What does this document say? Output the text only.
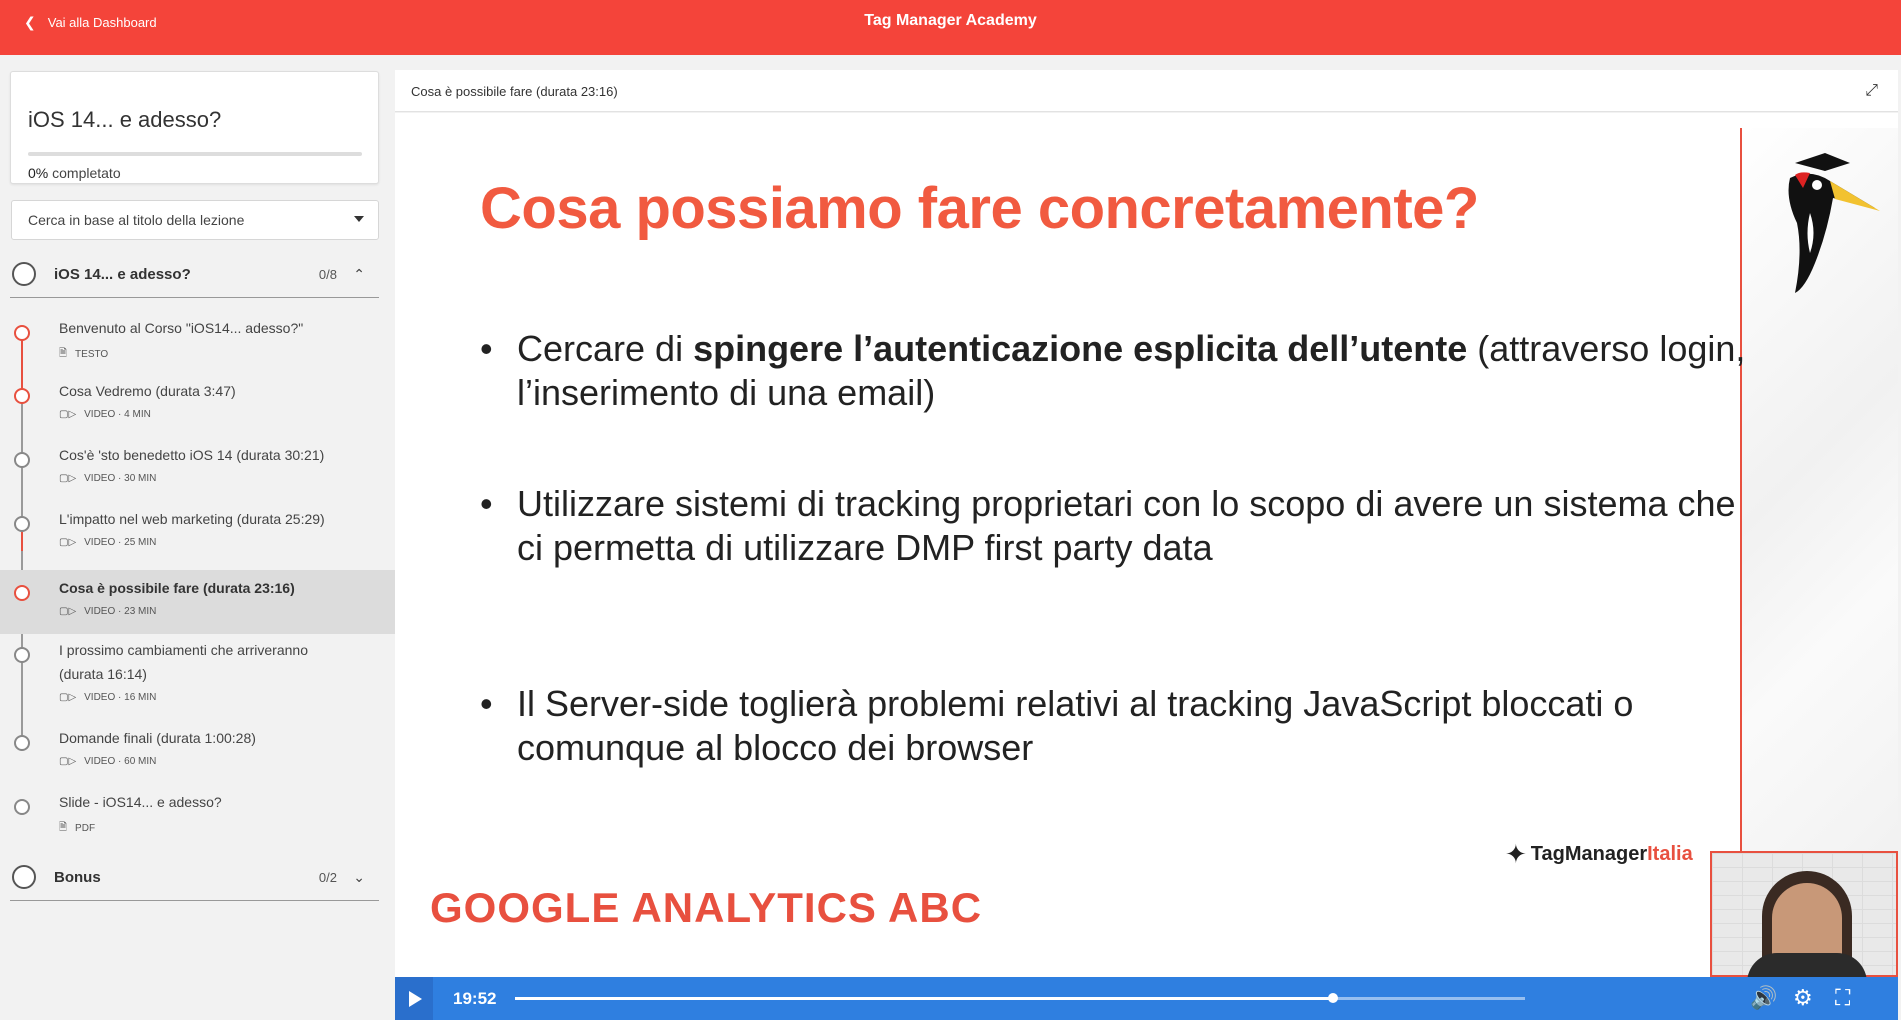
❮ Vai alla Dashboard	Tag Manager Academy
iOS 14... e adesso?
0% completato
Cerca in base al titolo della lezione
iOS 14... e adesso?	0/8 ⌃
Benvenuto al Corso "iOS14... adesso?"
🗎 TESTO
Cosa Vedremo (durata 3:47)
▢▷ VIDEO · 4 MIN
Cos'è 'sto benedetto iOS 14 (durata 30:21)
▢▷ VIDEO · 30 MIN
L'impatto nel web marketing (durata 25:29)
▢▷ VIDEO · 25 MIN
Cosa è possibile fare (durata 23:16)
▢▷ VIDEO · 23 MIN
I prossimo cambiamenti che arriveranno (durata 16:14)
▢▷ VIDEO · 16 MIN
Domande finali (durata 1:00:28)
▢▷ VIDEO · 60 MIN
Slide - iOS14... e adesso?
🗎 PDF
Bonus	0/2 ⌄
Cosa è possibile fare (durata 23:16)	⤢
Cosa possiamo fare concretamente?
• Cercare di spingere l’autenticazione esplicita dell’utente (attraverso login, l’inserimento di una email)
• Utilizzare sistemi di tracking proprietari con lo scopo di avere un sistema che ci permetta di utilizzare DMP first party data
• Il Server-side toglierà problemi relativi al tracking JavaScript bloccati o comunque al blocco dei browser
✦ TagManager Italia
GOOGLE ANALYTICS ABC
19:52	🔊 ⚙ ⛶
